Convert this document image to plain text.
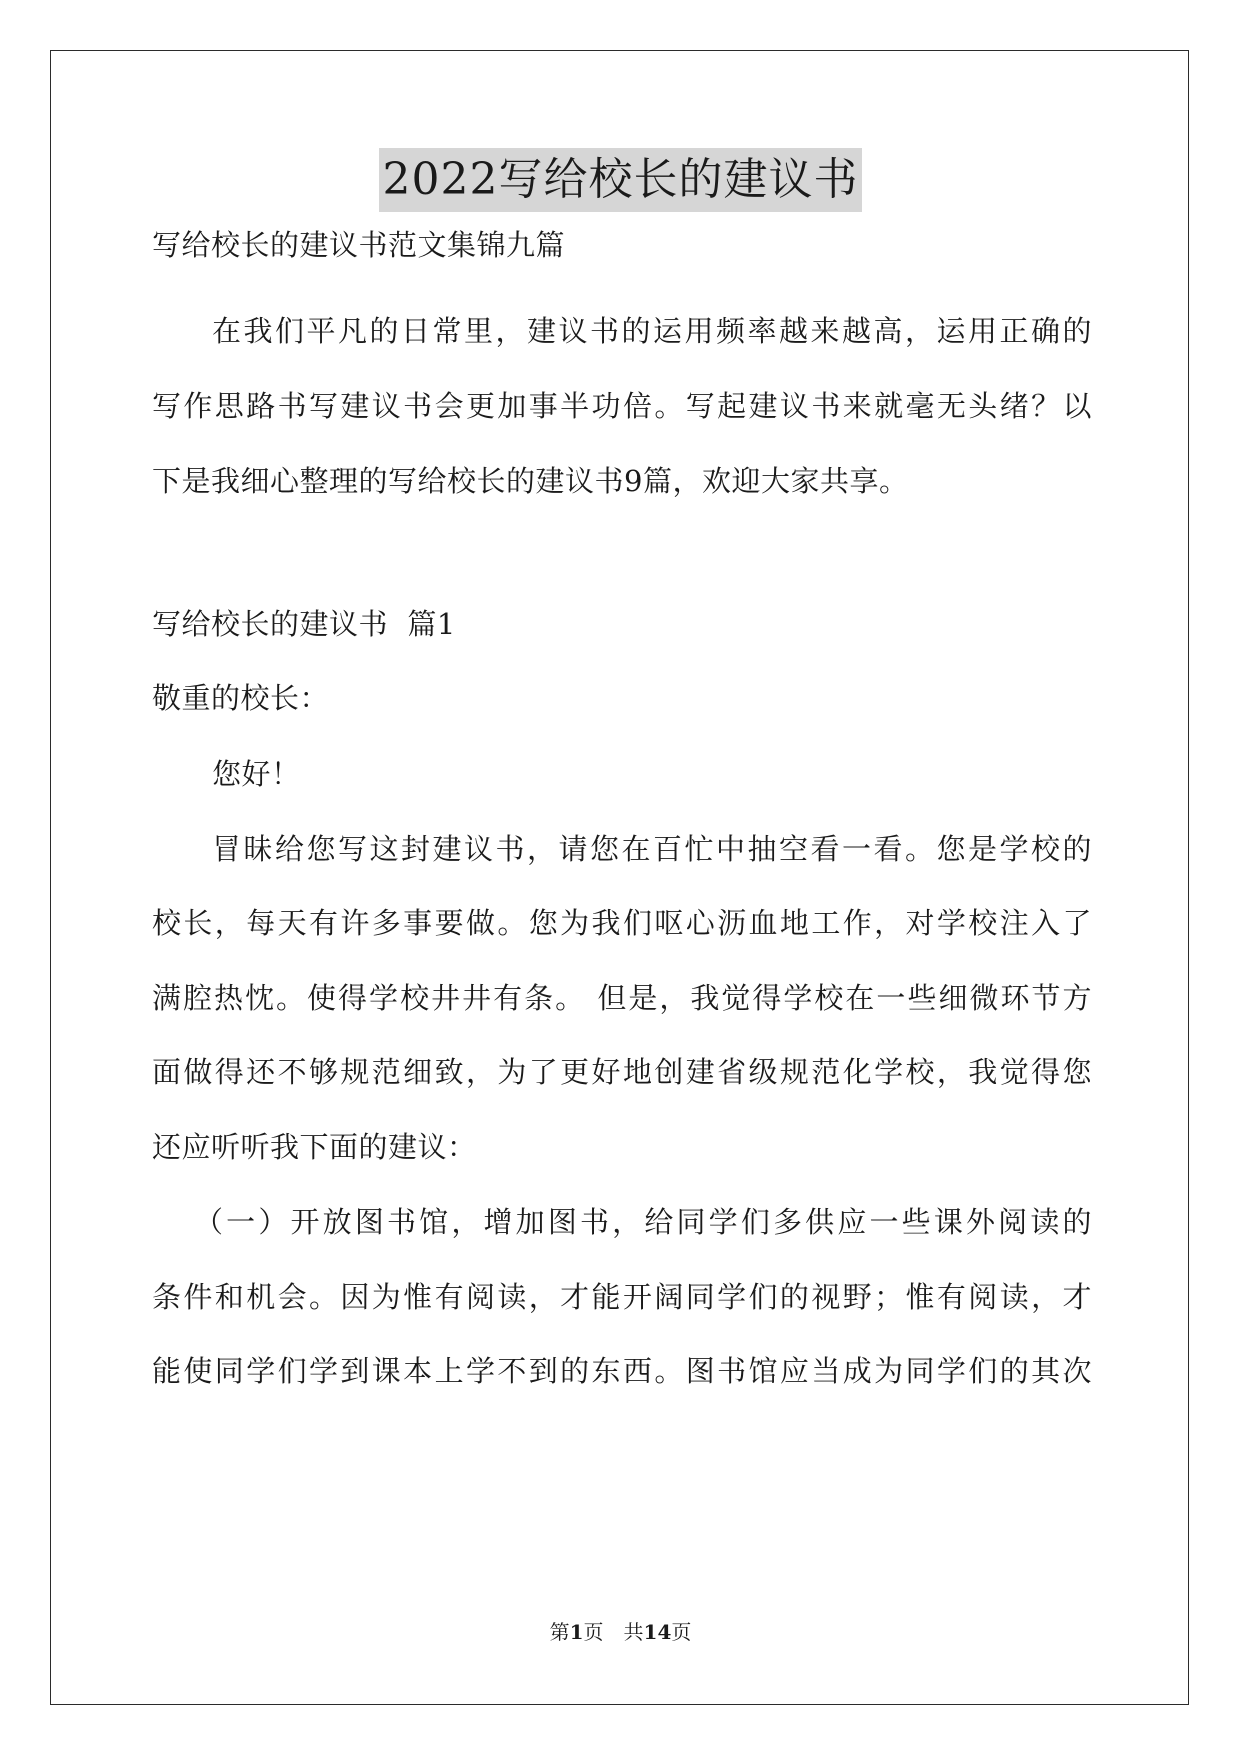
2022写给校长的建议书
写给校长的建议书范文集锦九篇
在我们平凡的日常里，建议书的运用频率越来越高，运用正确的
写作思路书写建议书会更加事半功倍。写起建议书来就毫无头绪？以
下是我细心整理的写给校长的建议书9篇，欢迎大家共享。
写给校长的建议书  篇1
敬重的校长：
您好！
冒昧给您写这封建议书，请您在百忙中抽空看一看。您是学校的
校长，每天有许多事要做。您为我们呕心沥血地工作，对学校注入了
满腔热忱。使得学校井井有条。 但是，我觉得学校在一些细微环节方
面做得还不够规范细致，为了更好地创建省级规范化学校，我觉得您
还应听听我下面的建议：
（一）开放图书馆，增加图书，给同学们多供应一些课外阅读的
条件和机会。因为惟有阅读，才能开阔同学们的视野；惟有阅读，才
能使同学们学到课本上学不到的东西。图书馆应当成为同学们的其次
第1页　共14页
